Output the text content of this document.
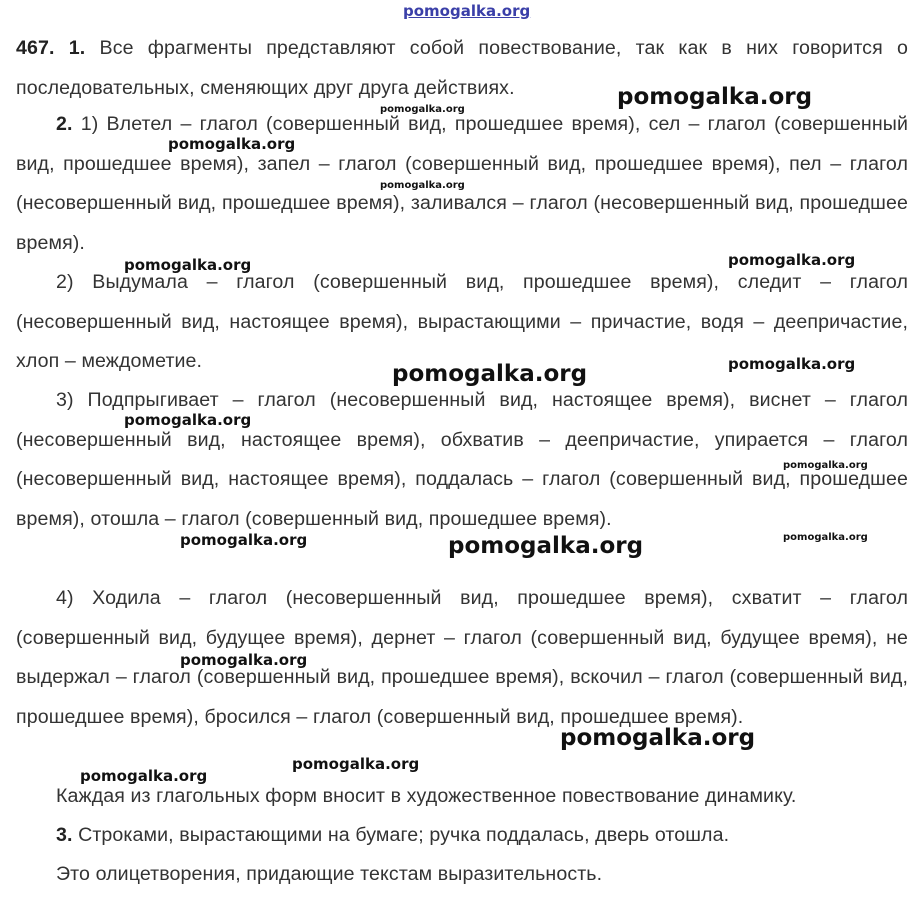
467. 1. Все фрагменты представляют собой повествование, так как в них говорится о последовательных, сменяющих друг друга действиях.

2. 1) Влетел – глагол (совершенный вид, прошедшее время), сел – глагол (совершенный вид, прошедшее время), запел – глагол (совершенный вид, прошедшее время), пел – глагол (несовершенный вид, прошедшее время), заливался – глагол (несовершенный вид, прошедшее время).

2) Выдумала – глагол (совершенный вид, прошедшее время), следит – глагол (несовершенный вид, настоящее время), вырастающими – причастие, водя – деепричастие, хлоп – междометие.

3) Подпрыгивает – глагол (несовершенный вид, настоящее время), виснет – глагол (несовершенный вид, настоящее время), обхватив – деепричастие, упирается – глагол (несовершенный вид, настоящее время), поддалась – глагол (совершенный вид, прошедшее время), отошла – глагол (совершенный вид, прошедшее время).

4) Ходила – глагол (несовершенный вид, прошедшее время), схватит – глагол (совершенный вид, будущее время), дернет – глагол (совершенный вид, будущее время), не выдержал – глагол (совершенный вид, прошедшее время), вскочил – глагол (совершенный вид, прошедшее время), бросился – глагол (совершенный вид, прошедшее время).

Каждая из глагольных форм вносит в художественное повествование динамику.

3. Строками, вырастающими на бумаге; ручка поддалась, дверь отошла.

Это олицетворения, придающие текстам выразительность.

pomogalka.org
pomogalka.org
pomogalka.org
pomogalka.org
pomogalka.org
pomogalka.org	pomogalka.org
pomogalka.org	pomogalka.org
pomogalka.org
pomogalka.org
pomogalka.org	pomogalka.org	pomogalka.org
pomogalka.org
pomogalka.org
pomogalka.org
pomogalka.org
